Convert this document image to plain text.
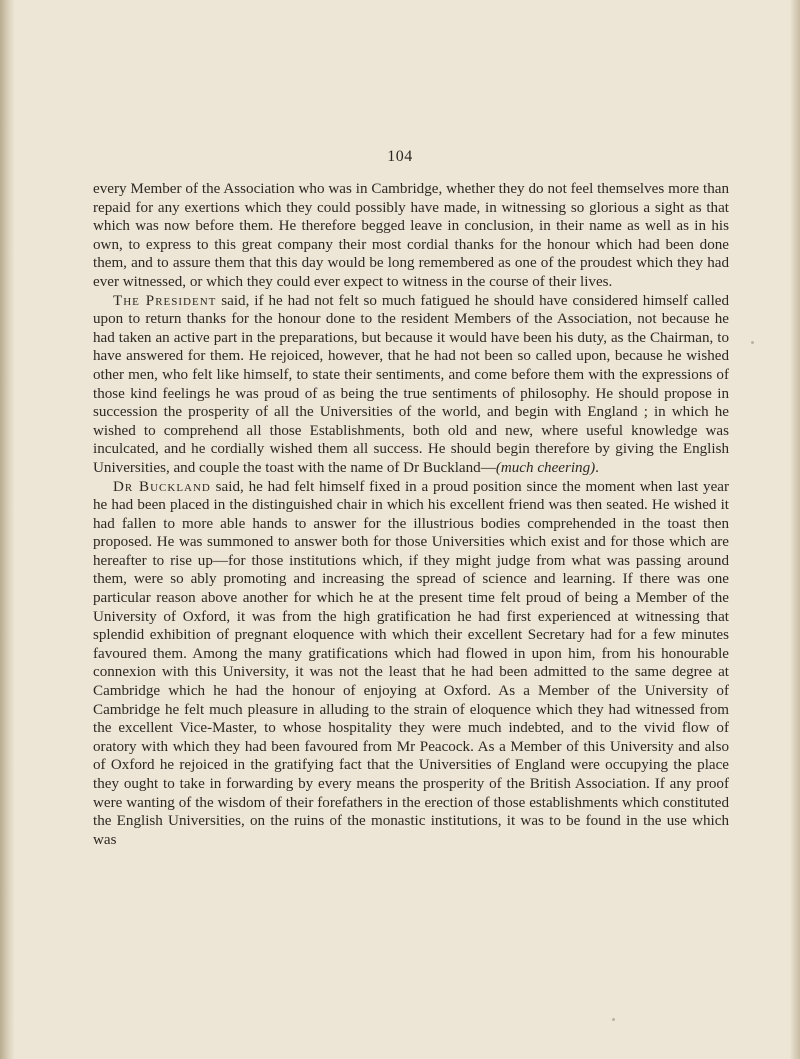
104

every Member of the Association who was in Cambridge, whether they do not feel themselves more than repaid for any exertions which they could possibly have made, in witnessing so glorious a sight as that which was now before them. He therefore begged leave in conclusion, in their name as well as in his own, to express to this great company their most cordial thanks for the honour which had been done them, and to assure them that this day would be long remembered as one of the proudest which they had ever witnessed, or which they could ever expect to witness in the course of their lives.

The President said, if he had not felt so much fatigued he should have considered himself called upon to return thanks for the honour done to the resident Members of the Association, not because he had taken an active part in the preparations, but because it would have been his duty, as the Chairman, to have answered for them. He rejoiced, however, that he had not been so called upon, because he wished other men, who felt like himself, to state their sentiments, and come before them with the expressions of those kind feelings he was proud of as being the true sentiments of philosophy. He should propose in succession the prosperity of all the Universities of the world, and begin with England ; in which he wished to comprehend all those Establishments, both old and new, where useful knowledge was inculcated, and he cordially wished them all success. He should begin therefore by giving the English Universities, and couple the toast with the name of Dr Buckland—(much cheering).

Dr Buckland said, he had felt himself fixed in a proud position since the moment when last year he had been placed in the distinguished chair in which his excellent friend was then seated. He wished it had fallen to more able hands to answer for the illustrious bodies comprehended in the toast then proposed. He was summoned to answer both for those Universities which exist and for those which are hereafter to rise up—for those institutions which, if they might judge from what was passing around them, were so ably promoting and increasing the spread of science and learning. If there was one particular reason above another for which he at the present time felt proud of being a Member of the University of Oxford, it was from the high gratification he had first experienced at witnessing that splendid exhibition of pregnant eloquence with which their excellent Secretary had for a few minutes favoured them. Among the many gratifications which had flowed in upon him, from his honourable connexion with this University, it was not the least that he had been admitted to the same degree at Cambridge which he had the honour of enjoying at Oxford. As a Member of the University of Cambridge he felt much pleasure in alluding to the strain of eloquence which they had witnessed from the excellent Vice-Master, to whose hospitality they were much indebted, and to the vivid flow of oratory with which they had been favoured from Mr Peacock. As a Member of this University and also of Oxford he rejoiced in the gratifying fact that the Universities of England were occupying the place they ought to take in forwarding by every means the prosperity of the British Association. If any proof were wanting of the wisdom of their forefathers in the erection of those establishments which constituted the English Universities, on the ruins of the monastic institutions, it was to be found in the use which was
